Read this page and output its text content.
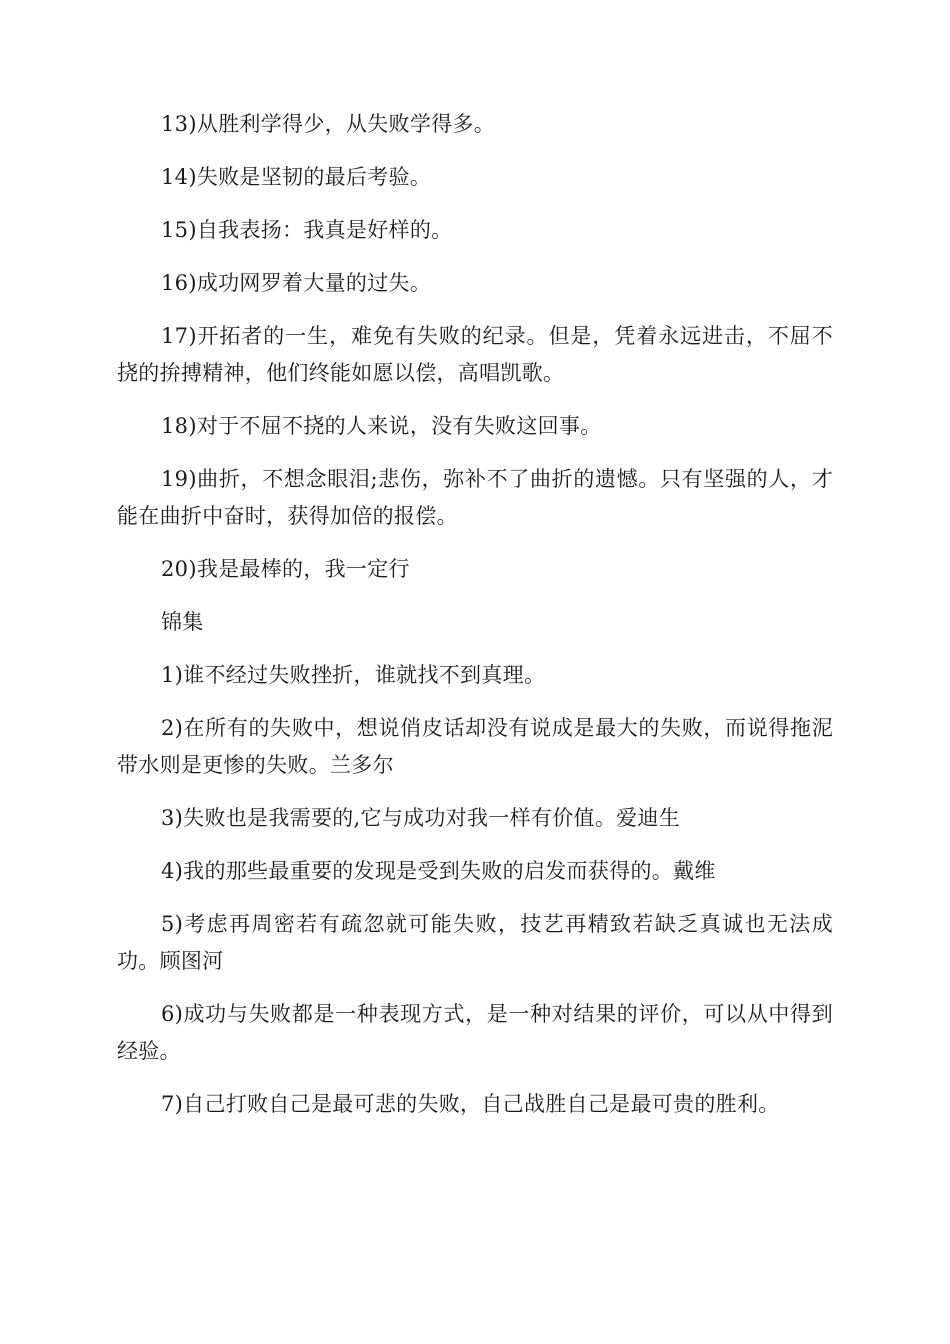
13)从胜利学得少，从失败学得多。

14)失败是坚韧的最后考验。

15)自我表扬：我真是好样的。

16)成功网罗着大量的过失。

17)开拓者的一生，难免有失败的纪录。但是，凭着永远进击，不屈不挠的拚搏精神，他们终能如愿以偿，高唱凯歌。

18)对于不屈不挠的人来说，没有失败这回事。

19)曲折，不想念眼泪;悲伤，弥补不了曲折的遗憾。只有坚强的人，才能在曲折中奋时，获得加倍的报偿。

20)我是最棒的，我一定行

锦集

1)谁不经过失败挫折，谁就找不到真理。

2)在所有的失败中，想说俏皮话却没有说成是最大的失败，而说得拖泥带水则是更惨的失败。兰多尔

3)失败也是我需要的,它与成功对我一样有价值。爱迪生

4)我的那些最重要的发现是受到失败的启发而获得的。戴维

5)考虑再周密若有疏忽就可能失败，技艺再精致若缺乏真诚也无法成功。顾图河

6)成功与失败都是一种表现方式，是一种对结果的评价，可以从中得到经验。

7)自己打败自己是最可悲的失败，自己战胜自己是最可贵的胜利。
